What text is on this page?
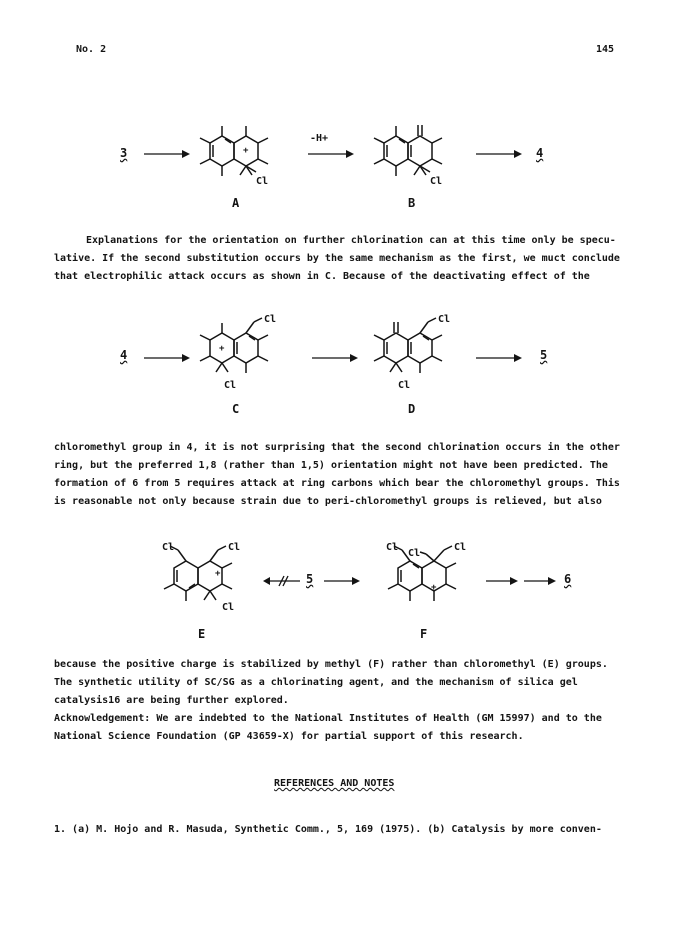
No. 2	145
3	+
Cl
A
-H+
Cl
B
4

Explanations for the orientation on further chlorination can at this time only be specu-

lative. If the second substitution occurs by the same mechanism as the first, we muct conclude

that electrophilic attack occurs as shown in C. Because of the deactivating effect of the

4	+
Cl
Cl
C
Cl
Cl
D
5

chloromethyl group in 4, it is not surprising that the second chlorination occurs in the other

ring, but the preferred 1,8 (rather than 1,5) orientation might not have been predicted. The

formation of 6 from 5 requires attack at ring carbons which bear the chloromethyl groups. This

is reasonable not only because strain due to peri-chloromethyl groups is relieved, but also

+
Cl	Cl
Cl
E
5 →
+
Cl
Cl
Cl
F
6

because the positive charge is stabilized by methyl (F) rather than chloromethyl (E) groups.

The synthetic utility of SC/SG as a chlorinating agent, and the mechanism of silica gel

catalysis16 are being further explored.

Acknowledgement: We are indebted to the National Institutes of Health (GM 15997) and to the

National Science Foundation (GP 43659-X) for partial support of this research.

REFERENCES AND NOTES
1. (a) M. Hojo and R. Masuda, Synthetic Comm., 5, 169 (1975). (b) Catalysis by more conven-
